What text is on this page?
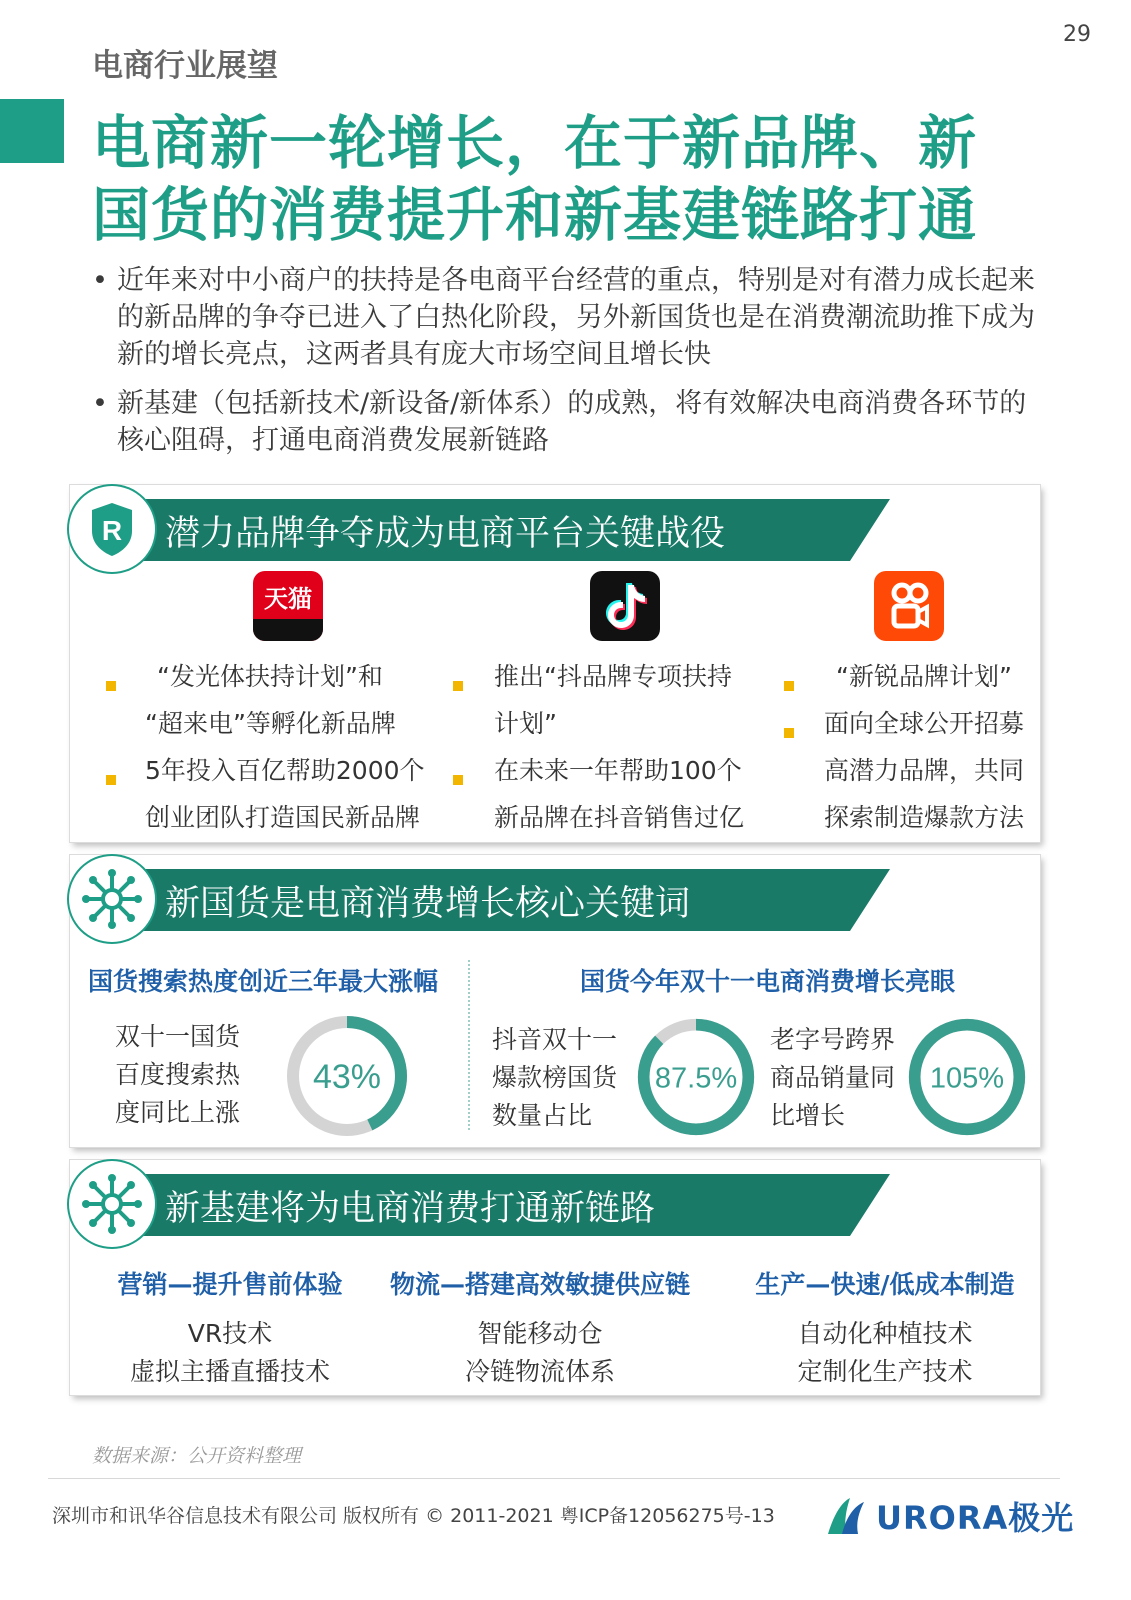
29
电商行业展望
电商新一轮增长，在于新品牌、新
国货的消费提升和新基建链路打通
• 近年来对中小商户的扶持是各电商平台经营的重点，特别是对有潜力成长起来的新品牌的争夺已进入了白热化阶段，另外新国货也是在消费潮流助推下成为新的增长亮点，这两者具有庞大市场空间且增长快
• 新基建（包括新技术/新设备/新体系）的成熟，将有效解决电商消费各环节的核心阻碍，打通电商消费发展新链路
R 潜力品牌争夺成为电商平台关键战役
天猫
“发光体扶持计划”和
“超来电”等孵化新品牌
5年投入百亿帮助2000个
创业团队打造国民新品牌
推出“抖品牌专项扶持
计划”
在未来一年帮助100个
新品牌在抖音销售过亿
“新锐品牌计划”
面向全球公开招募
高潜力品牌，共同
探索制造爆款方法
新国货是电商消费增长核心关键词
国货搜索热度创近三年最大涨幅	国货今年双十一电商消费增长亮眼
双十一国货
百度搜索热
度同比上涨
43%
抖音双十一
爆款榜国货
数量占比
87.5%
老字号跨界
商品销量同
比增长
105%
新基建将为电商消费打通新链路
营销—提升售前体验
VR技术
虚拟主播直播技术
物流—搭建高效敏捷供应链
智能移动仓
冷链物流体系
生产—快速/低成本制造
自动化种植技术
定制化生产技术
数据来源：公开资料整理
深圳市和讯华谷信息技术有限公司 版权所有 © 2011-2021 粤ICP备12056275号-13	URORA极光
